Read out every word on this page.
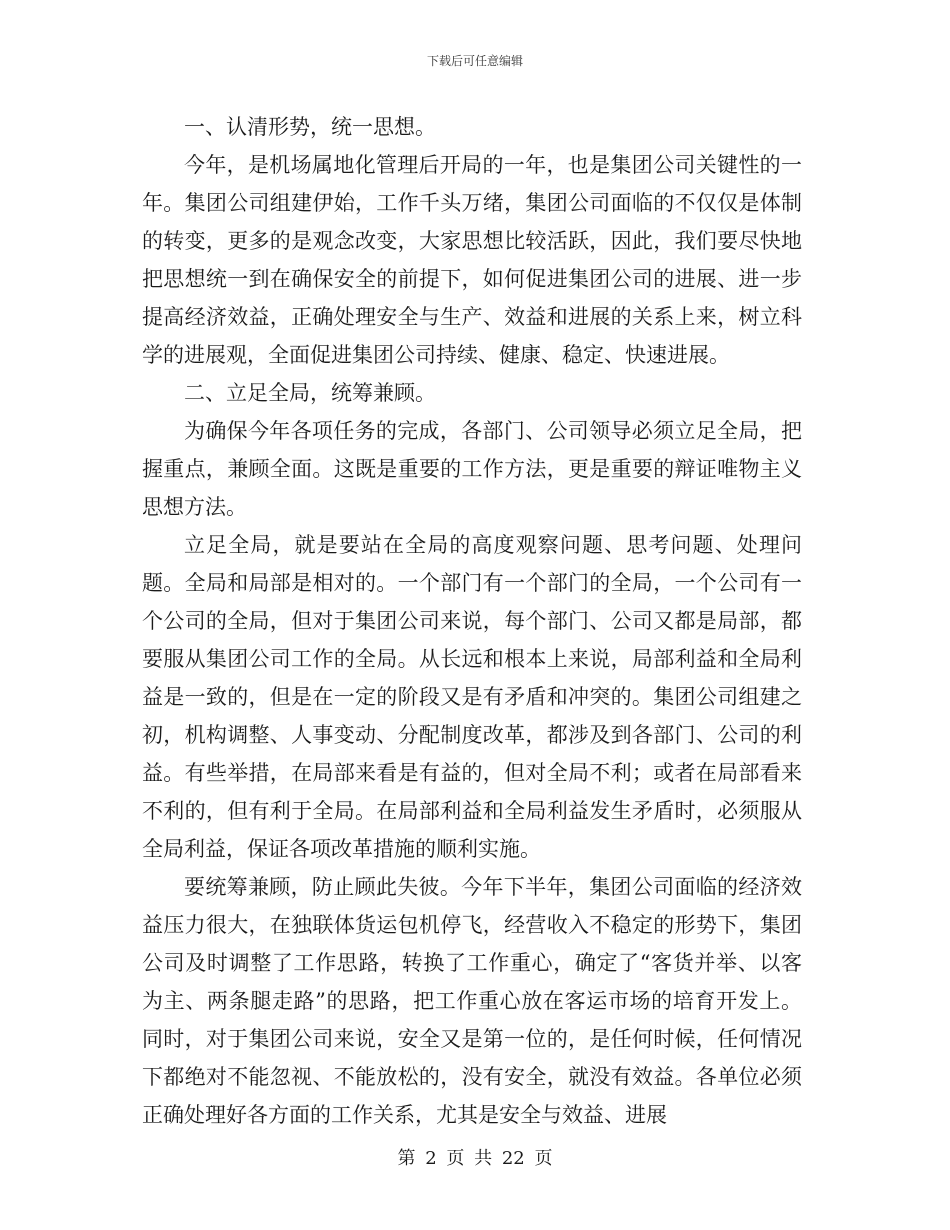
下载后可任意编辑

一、认清形势，统一思想。

今年，是机场属地化管理后开局的一年，也是集团公司关键性的一年。集团公司组建伊始，工作千头万绪，集团公司面临的不仅仅是体制的转变，更多的是观念改变，大家思想比较活跃，因此，我们要尽快地把思想统一到在确保安全的前提下，如何促进集团公司的进展、进一步提高经济效益，正确处理安全与生产、效益和进展的关系上来，树立科学的进展观，全面促进集团公司持续、健康、稳定、快速进展。

二、立足全局，统筹兼顾。

为确保今年各项任务的完成，各部门、公司领导必须立足全局，把握重点，兼顾全面。这既是重要的工作方法，更是重要的辩证唯物主义思想方法。

立足全局，就是要站在全局的高度观察问题、思考问题、处理问题。全局和局部是相对的。一个部门有一个部门的全局，一个公司有一个公司的全局，但对于集团公司来说，每个部门、公司又都是局部，都要服从集团公司工作的全局。从长远和根本上来说，局部利益和全局利益是一致的，但是在一定的阶段又是有矛盾和冲突的。集团公司组建之初，机构调整、人事变动、分配制度改革，都涉及到各部门、公司的利益。有些举措，在局部来看是有益的，但对全局不利；或者在局部看来不利的，但有利于全局。在局部利益和全局利益发生矛盾时，必须服从全局利益，保证各项改革措施的顺利实施。

要统筹兼顾，防止顾此失彼。今年下半年，集团公司面临的经济效益压力很大，在独联体货运包机停飞，经营收入不稳定的形势下，集团公司及时调整了工作思路，转换了工作重心，确定了“客货并举、以客为主、两条腿走路”的思路，把工作重心放在客运市场的培育开发上。同时，对于集团公司来说，安全又是第一位的，是任何时候，任何情况下都绝对不能忽视、不能放松的，没有安全，就没有效益。各单位必须正确处理好各方面的工作关系，尤其是安全与效益、进展

第 2 页 共 22 页
